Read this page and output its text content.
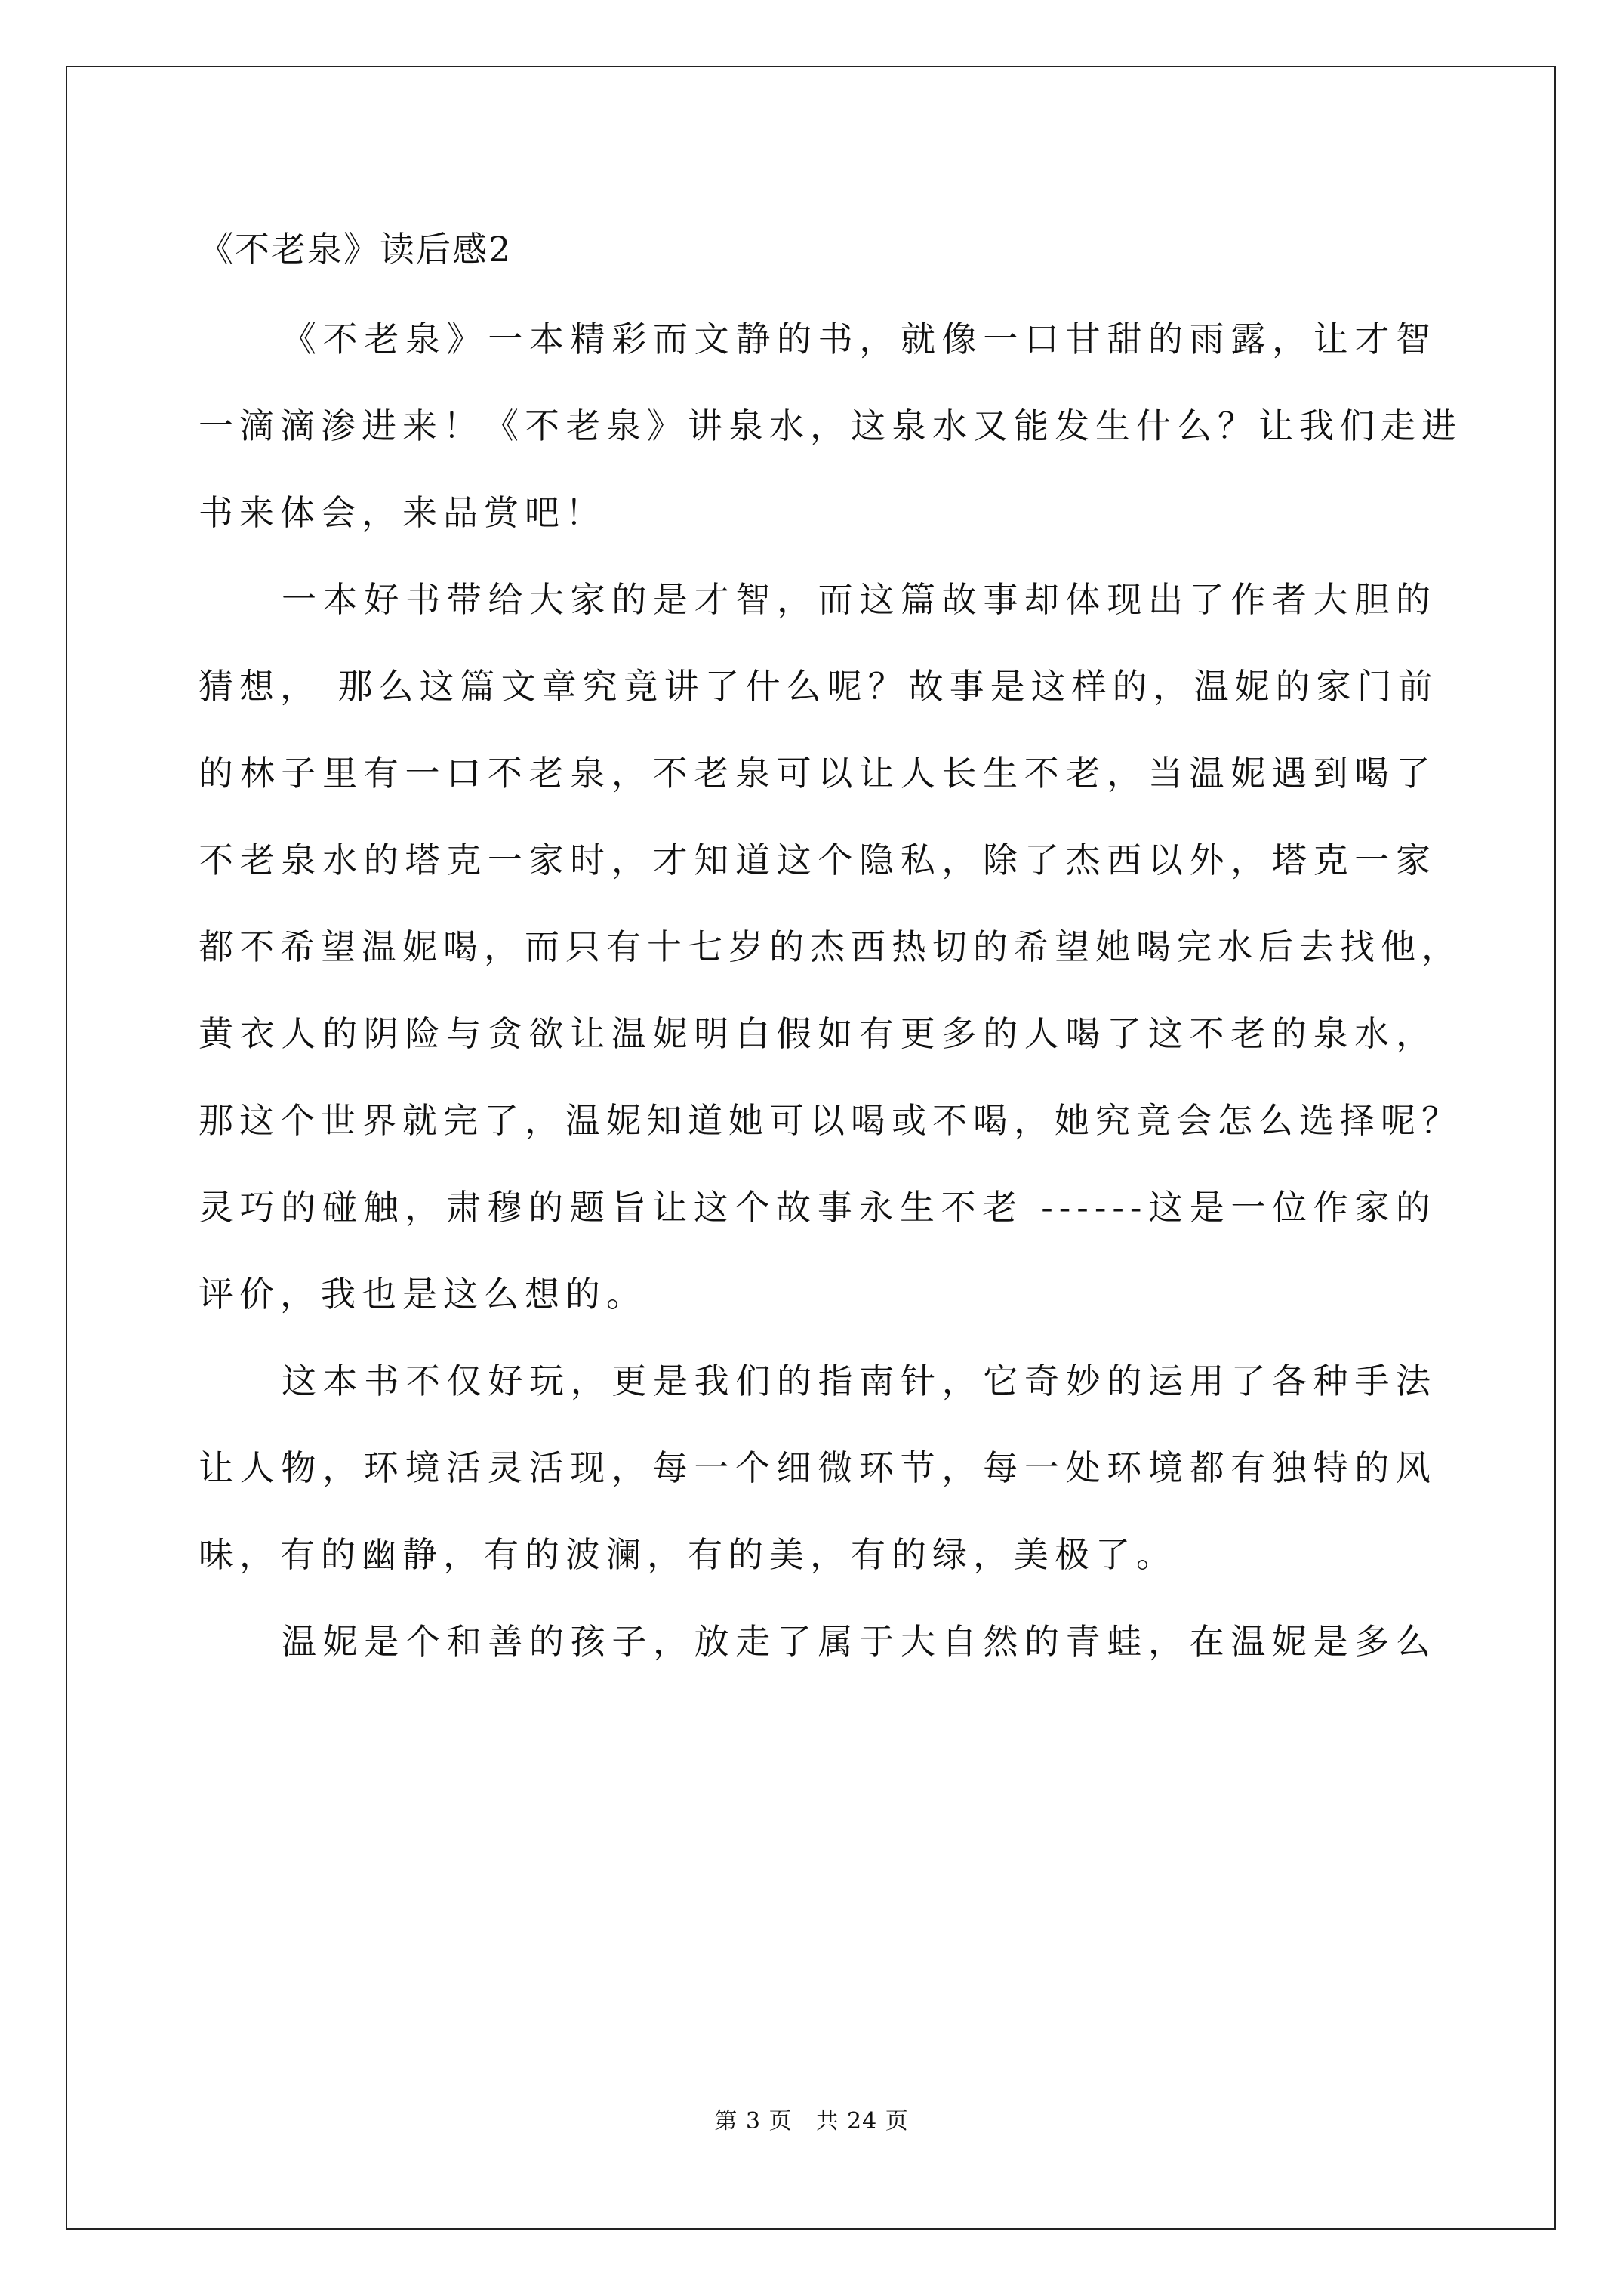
《不老泉》读后感2
《不老泉》一本精彩而文静的书，就像一口甘甜的雨露，让才智
一滴滴渗进来！《不老泉》讲泉水，这泉水又能发生什么？让我们走进
书来体会，来品赏吧！
一本好书带给大家的是才智，而这篇故事却体现出了作者大胆的
猜想， 那么这篇文章究竟讲了什么呢？故事是这样的，温妮的家门前
的林子里有一口不老泉，不老泉可以让人长生不老，当温妮遇到喝了
不老泉水的塔克一家时，才知道这个隐私，除了杰西以外，塔克一家
都不希望温妮喝，而只有十七岁的杰西热切的希望她喝完水后去找他，
黄衣人的阴险与贪欲让温妮明白假如有更多的人喝了这不老的泉水，
那这个世界就完了，温妮知道她可以喝或不喝，她究竟会怎么选择呢？
灵巧的碰触，肃穆的题旨让这个故事永生不老 ------这是一位作家的
评价，我也是这么想的。
这本书不仅好玩，更是我们的指南针，它奇妙的运用了各种手法
让人物，环境活灵活现，每一个细微环节，每一处环境都有独特的风
味，有的幽静，有的波澜，有的美，有的绿，美极了。
温妮是个和善的孩子，放走了属于大自然的青蛙，在温妮是多么
第 3 页　共 24 页
